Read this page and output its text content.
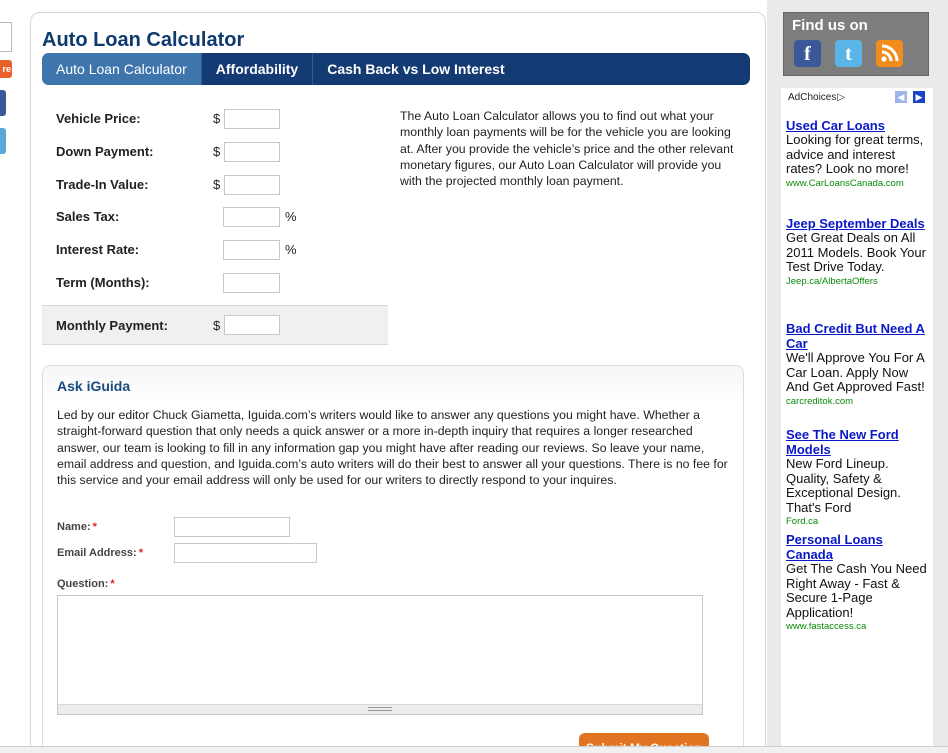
re
Auto Loan Calculator
Auto Loan Calculator	Affordability	Cash Back vs Low Interest
Vehicle Price:	$
Down Payment:	$
Trade-In Value:	$
Sales Tax:	%
Interest Rate:	%
Term (Months):
Monthly Payment:	$

The Auto Loan Calculator allows you to find out what your monthly loan payments will be for the vehicle you are looking at. After you provide the vehicle’s price and the other relevant monetary figures, our Auto Loan Calculator will provide you with the projected monthly loan payment.

Ask iGuida

Led by our editor Chuck Giametta, Iguida.com’s writers would like to answer any questions you might have. Whether a straight-forward question that only needs a quick answer or a more in-depth inquiry that requires a longer researched answer, our team is looking to fill in any information gap you might have after reading our reviews. So leave your name, email address and question, and Iguida.com’s auto writers will do their best to answer all your questions. There is no fee for this service and your email address will only be used for our writers to directly respond to your inquires.

Name: *
Email Address: *
Question: *
Find us on
f	t
AdChoices▷	◀ ▶
Used Car Loans
Looking for great terms, advice and interest rates? Look no more!
www.CarLoansCanada.com
Jeep September Deals
Get Great Deals on All 2011 Models. Book Your Test Drive Today.
Jeep.ca/AlbertaOffers
Bad Credit But Need A Car
We'll Approve You For A Car Loan. Apply Now And Get Approved Fast!
carcreditok.com
See The New Ford Models
New Ford Lineup. Quality, Safety & Exceptional Design. That's Ford
Ford.ca
Personal Loans Canada
Get The Cash You Need Right Away - Fast & Secure 1-Page Application!
www.fastaccess.ca
